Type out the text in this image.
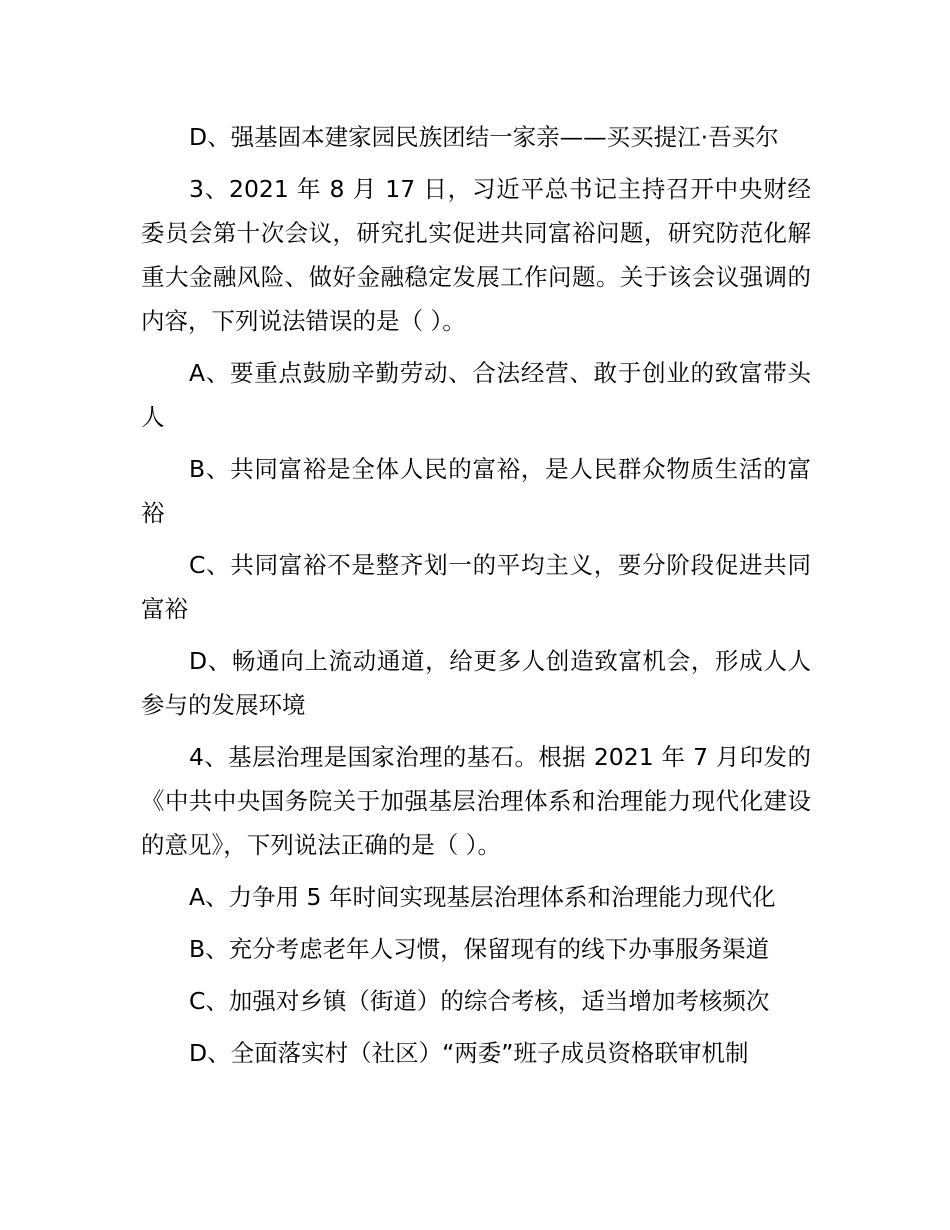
D、强基固本建家园民族团结一家亲——买买提江·吾买尔

3、2021 年 8 月 17 日，习近平总书记主持召开中央财经委员会第十次会议，研究扎实促进共同富裕问题，研究防范化解重大金融风险、做好金融稳定发展工作问题。关于该会议强调的内容，下列说法错误的是（ ）。

A、要重点鼓励辛勤劳动、合法经营、敢于创业的致富带头人

B、共同富裕是全体人民的富裕，是人民群众物质生活的富裕

C、共同富裕不是整齐划一的平均主义，要分阶段促进共同富裕

D、畅通向上流动通道，给更多人创造致富机会，形成人人参与的发展环境

4、基层治理是国家治理的基石。根据 2021 年 7 月印发的《中共中央国务院关于加强基层治理体系和治理能力现代化建设的意见》，下列说法正确的是（ ）。

A、力争用 5 年时间实现基层治理体系和治理能力现代化

B、充分考虑老年人习惯，保留现有的线下办事服务渠道

C、加强对乡镇（街道）的综合考核，适当增加考核频次

D、全面落实村（社区）“两委”班子成员资格联审机制
